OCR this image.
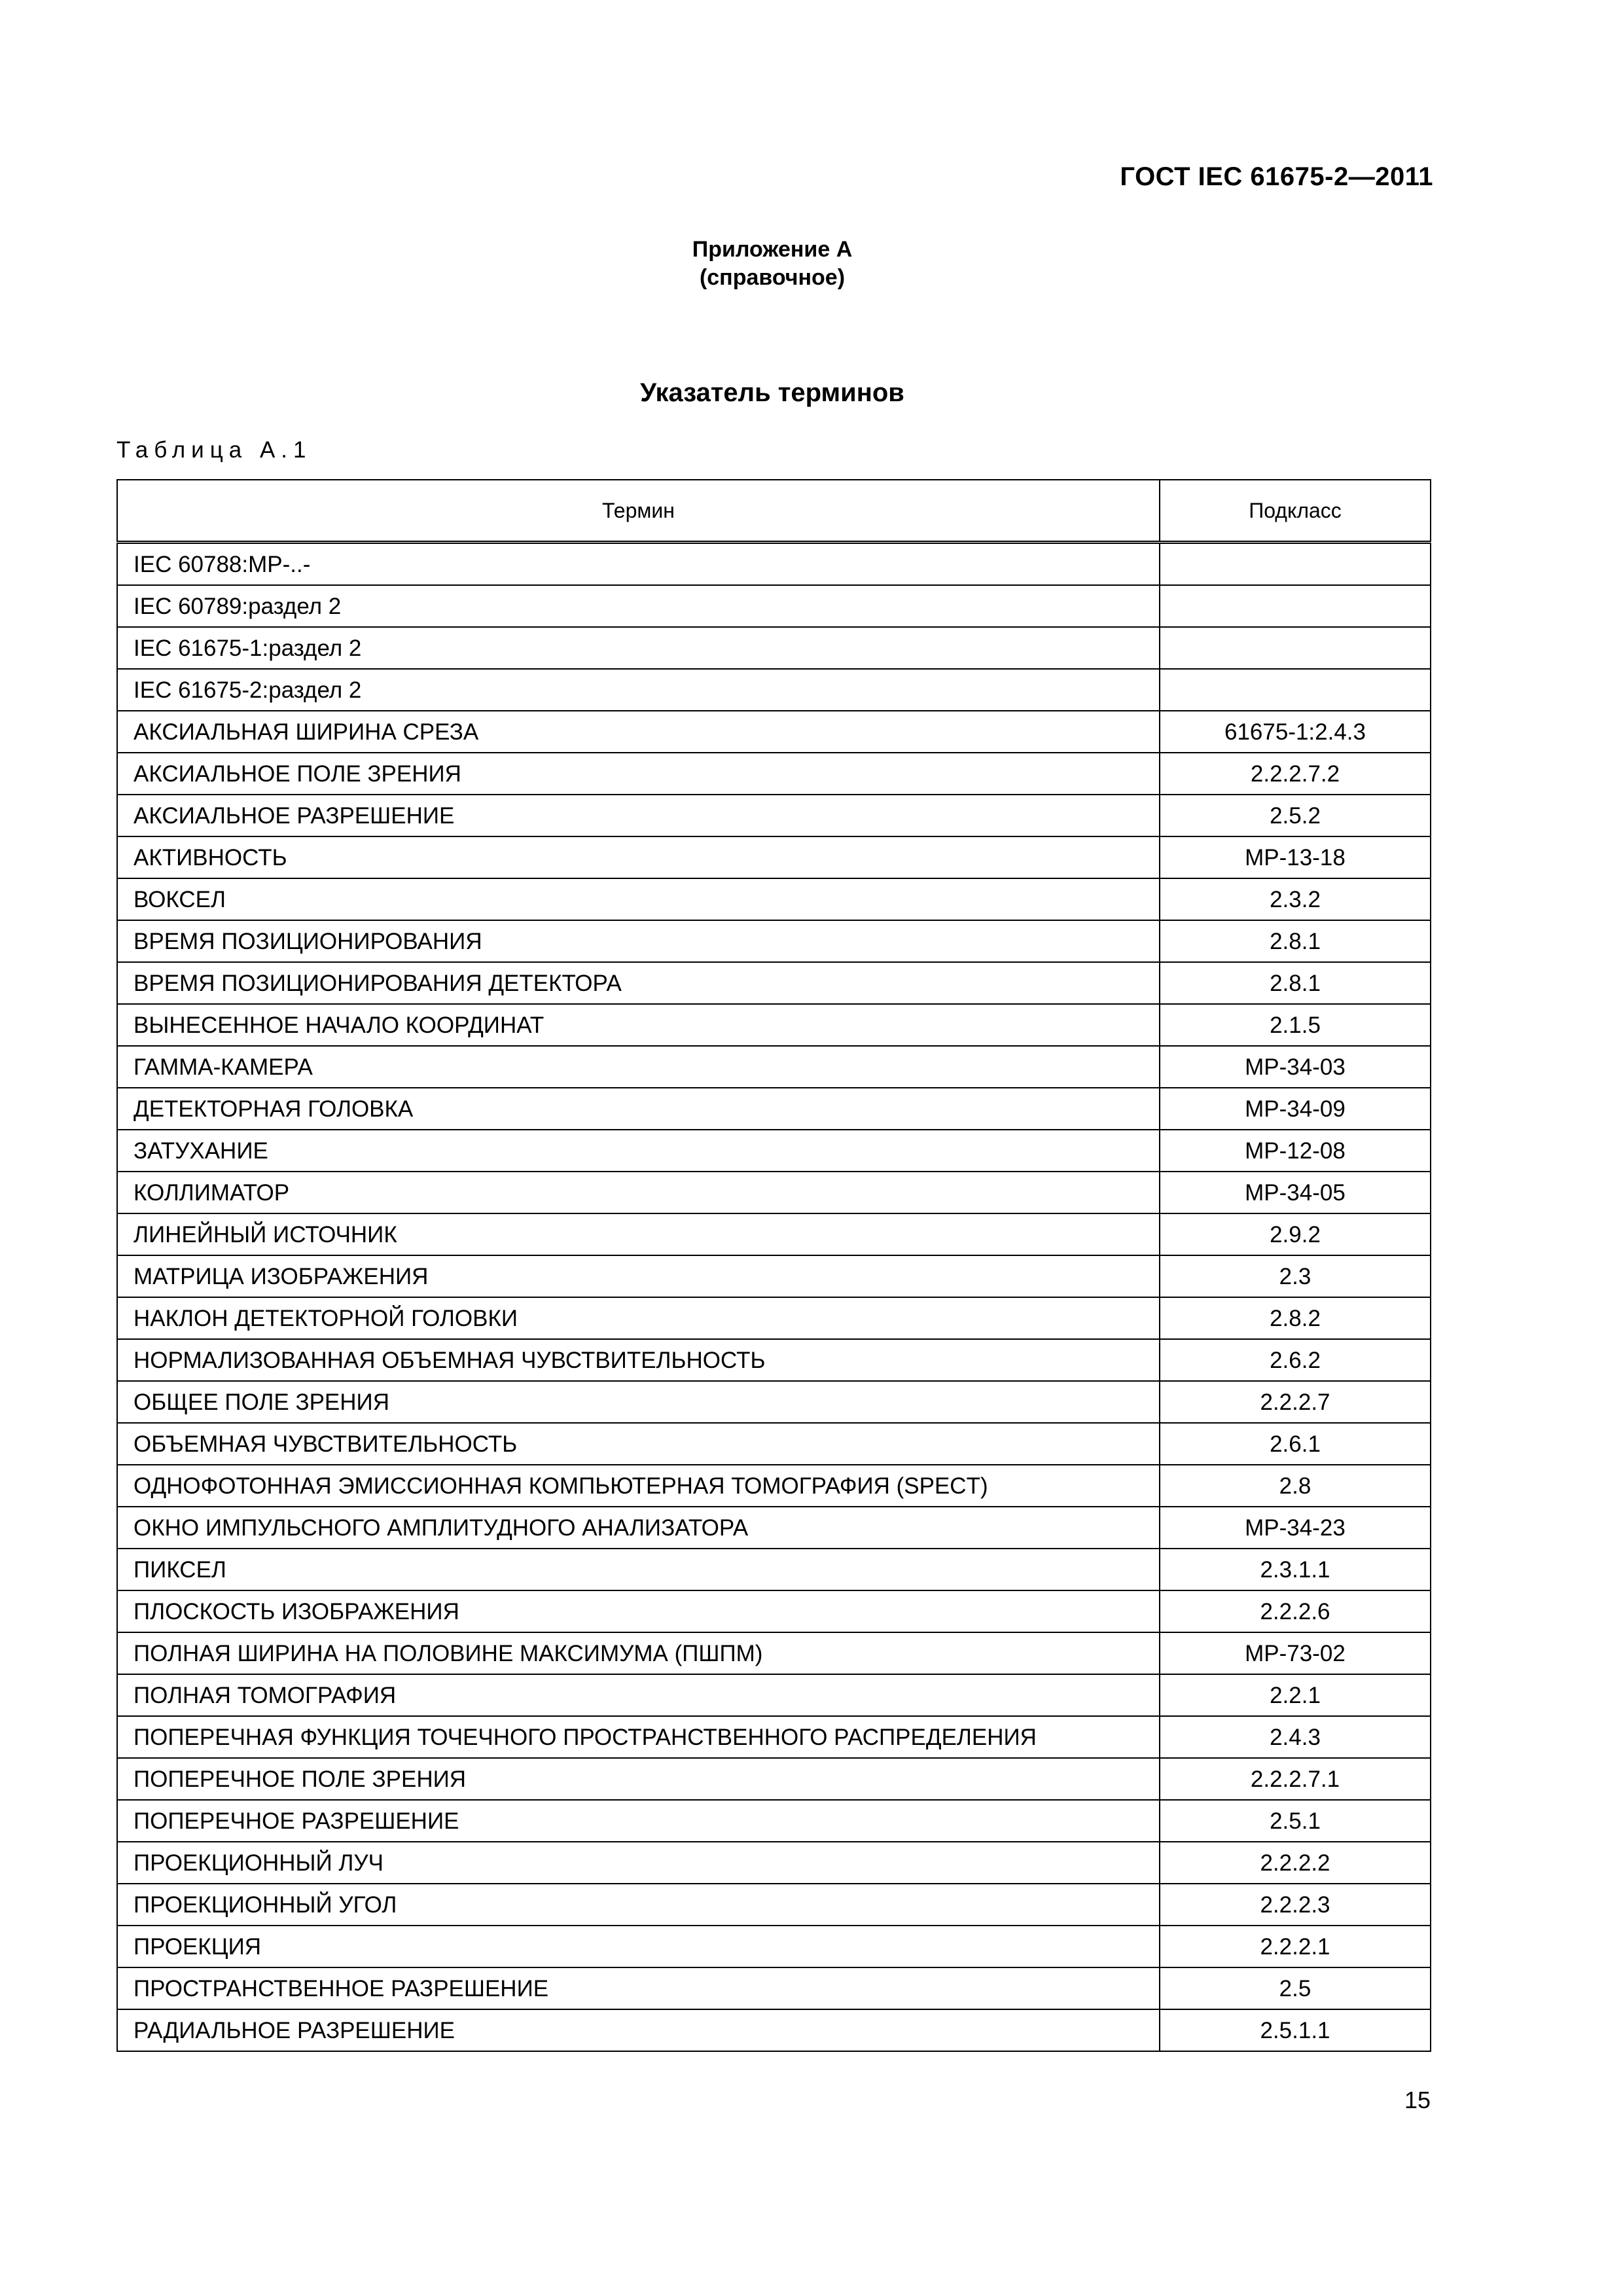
ГОСТ IEC 61675-2—2011
Приложение А
(справочное)
Указатель терминов
Таблица А.1
Термин	Подкласс
IEC 60788:MP-..-	
IEC 60789:раздел 2	
IEC 61675-1:раздел 2	
IEC 61675-2:раздел 2	
АКСИАЛЬНАЯ ШИРИНА СРЕЗА	61675-1:2.4.3
АКСИАЛЬНОЕ ПОЛЕ ЗРЕНИЯ	2.2.2.7.2
АКСИАЛЬНОЕ РАЗРЕШЕНИЕ	2.5.2
АКТИВНОСТЬ	MP-13-18
ВОКСЕЛ	2.3.2
ВРЕМЯ ПОЗИЦИОНИРОВАНИЯ	2.8.1
ВРЕМЯ ПОЗИЦИОНИРОВАНИЯ ДЕТЕКТОРА	2.8.1
ВЫНЕСЕННОЕ НАЧАЛО КООРДИНАТ	2.1.5
ГАММА-КАМЕРА	MP-34-03
ДЕТЕКТОРНАЯ ГОЛОВКА	MP-34-09
ЗАТУХАНИЕ	MP-12-08
КОЛЛИМАТОР	MP-34-05
ЛИНЕЙНЫЙ ИСТОЧНИК	2.9.2
МАТРИЦА ИЗОБРАЖЕНИЯ	2.3
НАКЛОН ДЕТЕКТОРНОЙ ГОЛОВКИ	2.8.2
НОРМАЛИЗОВАННАЯ ОБЪЕМНАЯ ЧУВСТВИТЕЛЬНОСТЬ	2.6.2
ОБЩЕЕ ПОЛЕ ЗРЕНИЯ	2.2.2.7
ОБЪЕМНАЯ ЧУВСТВИТЕЛЬНОСТЬ	2.6.1
ОДНОФОТОННАЯ ЭМИССИОННАЯ КОМПЬЮТЕРНАЯ ТОМОГРАФИЯ (SPECT)	2.8
ОКНО ИМПУЛЬСНОГО АМПЛИТУДНОГО АНАЛИЗАТОРА	MP-34-23
ПИКСЕЛ	2.3.1.1
ПЛОСКОСТЬ ИЗОБРАЖЕНИЯ	2.2.2.6
ПОЛНАЯ ШИРИНА НА ПОЛОВИНЕ МАКСИМУМА (ПШПМ)	MP-73-02
ПОЛНАЯ ТОМОГРАФИЯ	2.2.1
ПОПЕРЕЧНАЯ ФУНКЦИЯ ТОЧЕЧНОГО ПРОСТРАНСТВЕННОГО РАСПРЕДЕЛЕНИЯ	2.4.3
ПОПЕРЕЧНОЕ ПОЛЕ ЗРЕНИЯ	2.2.2.7.1
ПОПЕРЕЧНОЕ РАЗРЕШЕНИЕ	2.5.1
ПРОЕКЦИОННЫЙ ЛУЧ	2.2.2.2
ПРОЕКЦИОННЫЙ УГОЛ	2.2.2.3
ПРОЕКЦИЯ	2.2.2.1
ПРОСТРАНСТВЕННОЕ РАЗРЕШЕНИЕ	2.5
РАДИАЛЬНОЕ РАЗРЕШЕНИЕ	2.5.1.1
15
